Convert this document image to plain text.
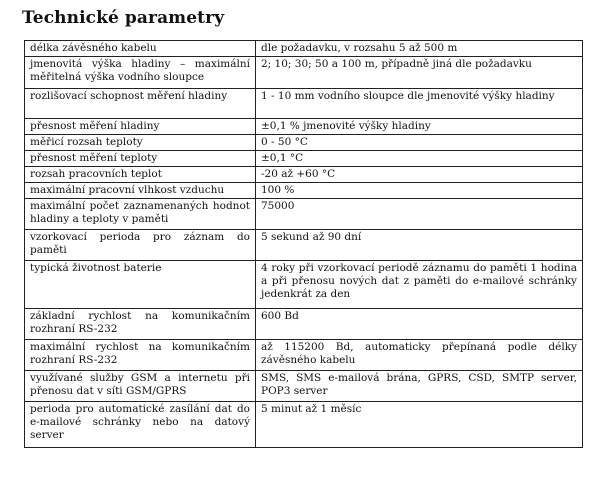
Technické parametry
délka závěsného kabelu	dle požadavku, v rozsahu 5 až 500 m
jmenovitá výška hladiny – maximální měřitelná výška vodního sloupce	2; 10; 30; 50 a 100 m, případně jiná dle požadavku
rozlišovací schopnost měření hladiny	1 - 10 mm vodního sloupce dle jmenovité výšky hladiny
přesnost měření hladiny	±0,1 % jmenovité výšky hladiny
měřicí rozsah teploty	0 - 50 °C
přesnost měření teploty	±0,1 °C
rozsah pracovních teplot	-20 až +60 °C
maximální pracovní vlhkost vzduchu	100 %
maximální počet zaznamenaných hodnot hladiny a teploty v paměti	75000
vzorkovací perioda pro záznam do paměti	5 sekund až 90 dní
typická životnost baterie	4 roky při vzorkovací periodě záznamu do paměti 1 hodina a při přenosu nových dat z paměti do e-mailové schránky jedenkrát za den
základní rychlost na komunikačním rozhraní RS-232	600 Bd
maximální rychlost na komunikačním rozhraní RS-232	až 115200 Bd, automaticky přepínaná podle délky závěsného kabelu
využívané služby GSM a internetu při přenosu dat v síti GSM/GPRS	SMS, SMS e-mailová brána, GPRS, CSD, SMTP server, POP3 server
perioda pro automatické zasílání dat do e-mailové schránky nebo na datový server	5 minut až 1 měsíc
